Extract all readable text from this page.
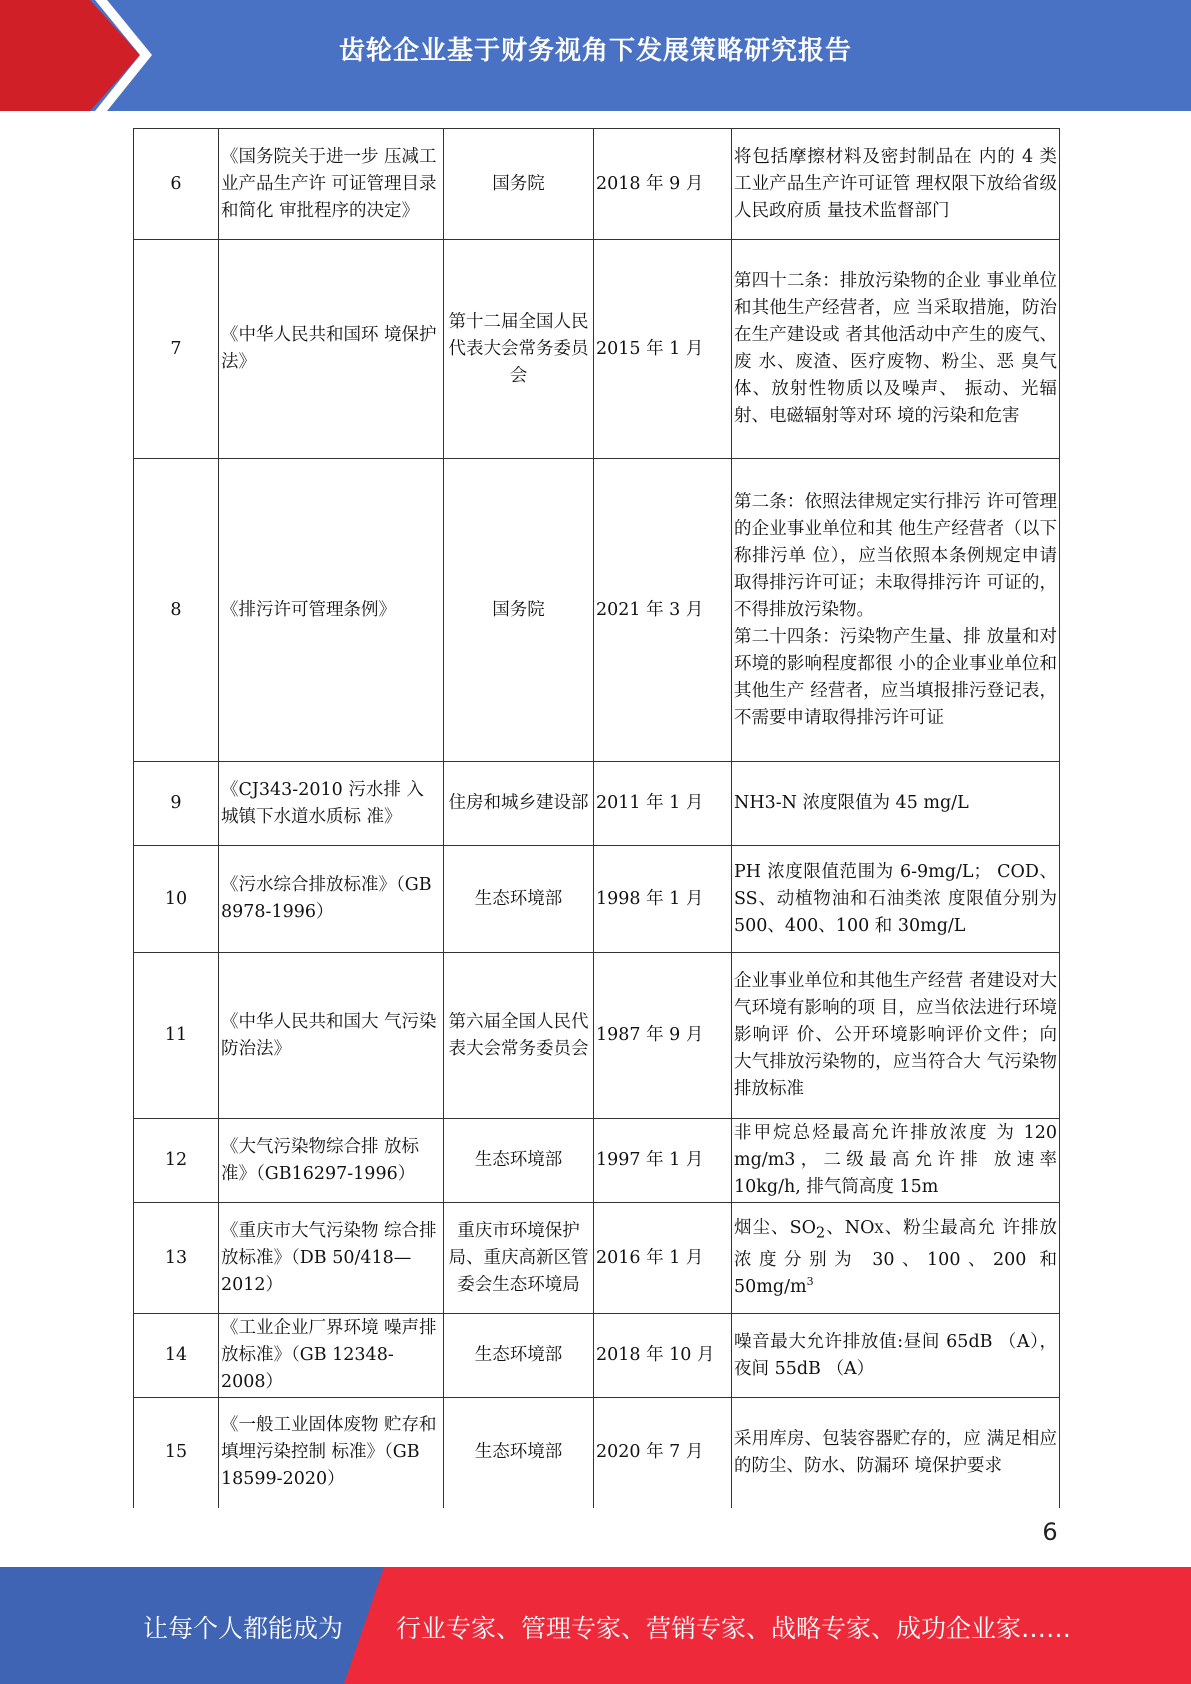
齿轮企业基于财务视角下发展策略研究报告
6	《国务院关于进一步 压减工业产品生产许 可证管理目录和简化 审批程序的决定》	国务院	2018 年 9 月	将包括摩擦材料及密封制品在 内的 4 类工业产品生产许可证管 理权限下放给省级人民政府质 量技术监督部门
7	《中华人民共和国环 境保护法》	第十二届全国人民代表大会常务委员会	2015 年 1 月	第四十二条：排放污染物的企业 事业单位和其他生产经营者，应 当采取措施，防治在生产建设或 者其他活动中产生的废气、废 水、废渣、医疗废物、粉尘、恶 臭气体、放射性物质以及噪声、 振动、光辐射、电磁辐射等对环 境的污染和危害
8	《排污许可管理条例》	国务院	2021 年 3 月	第二条：依照法律规定实行排污 许可管理的企业事业单位和其 他生产经营者（以下称排污单 位），应当依照本条例规定申请取得排污许可证；未取得排污许 可证的，不得排放污染物。
第二十四条：污染物产生量、排 放量和对环境的影响程度都很 小的企业事业单位和其他生产 经营者，应当填报排污登记表， 不需要申请取得排污许可证

9	《CJ343-2010 污水排 入城镇下水道水质标 准》	住房和城乡建设部	2011 年 1 月	NH3-N 浓度限值为 45 mg/L
10	《污水综合排放标准》（GB 8978-1996）	生态环境部	1998 年 1 月	PH 浓度限值范围为 6-9mg/L； COD、SS、动植物油和石油类浓 度限值分别为 500、400、100 和 30mg/L
11	《中华人民共和国大 气污染防治法》	第六届全国人民代表大会常务委员会	1987 年 9 月	企业事业单位和其他生产经营 者建设对大气环境有影响的项 目，应当依法进行环境影响评 价、公开环境影响评价文件；向 大气排放污染物的，应当符合大 气污染物排放标准
12	《大气污染物综合排 放标准》（GB16297-1996）	生态环境部	1997 年 1 月	非甲烷总烃最高允许排放浓度 为 120 mg/m3，二级最高允许排 放速率 10kg/h, 排气筒高度 15m
13	《重庆市大气污染物 综合排放标准》（DB 50/418—2012）	重庆市环境保护局、重庆高新区管委会生态环境局	2016 年 1 月	烟尘、$SO_2$、NOX、粉尘最高允 许排放浓度分别为 30、100、200 和 $50mg/m^3$
14	《工业企业厂界环境 噪声排放标准》（GB 12348-2008）	生态环境部	2018 年 10 月	噪音最大允许排放值:昼间 65dB （A），夜间 55dB （A）
15	《一般工业固体废物 贮存和填埋污染控制 标准》（GB 18599-2020）	生态环境部	2020 年 7 月	采用库房、包装容器贮存的，应 满足相应的防尘、防水、防漏环 境保护要求
6
让每个人都能成为 行业专家、管理专家、营销专家、战略专家、成功企业家……
